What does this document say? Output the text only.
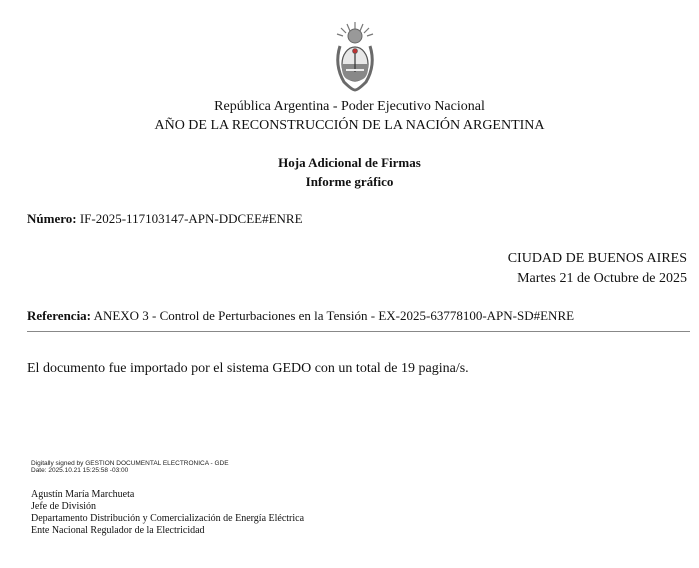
República Argentina - Poder Ejecutivo Nacional
AÑO DE LA RECONSTRUCCIÓN DE LA NACIÓN ARGENTINA
Hoja Adicional de Firmas
Informe gráfico
Número: IF-2025-117103147-APN-DDCEE#ENRE
CIUDAD DE BUENOS AIRES
Martes 21 de Octubre de 2025
Referencia: ANEXO 3 - Control de Perturbaciones en la Tensión - EX-2025-63778100-APN-SD#ENRE
El documento fue importado por el sistema GEDO con un total de 19 pagina/s.
Digitally signed by GESTION DOCUMENTAL ELECTRONICA - GDE
Date: 2025.10.21 15:25:58 -03:00
Agustín María Marchueta
Jefe de División
Departamento Distribución y Comercialización de Energía Eléctrica
Ente Nacional Regulador de la Electricidad
